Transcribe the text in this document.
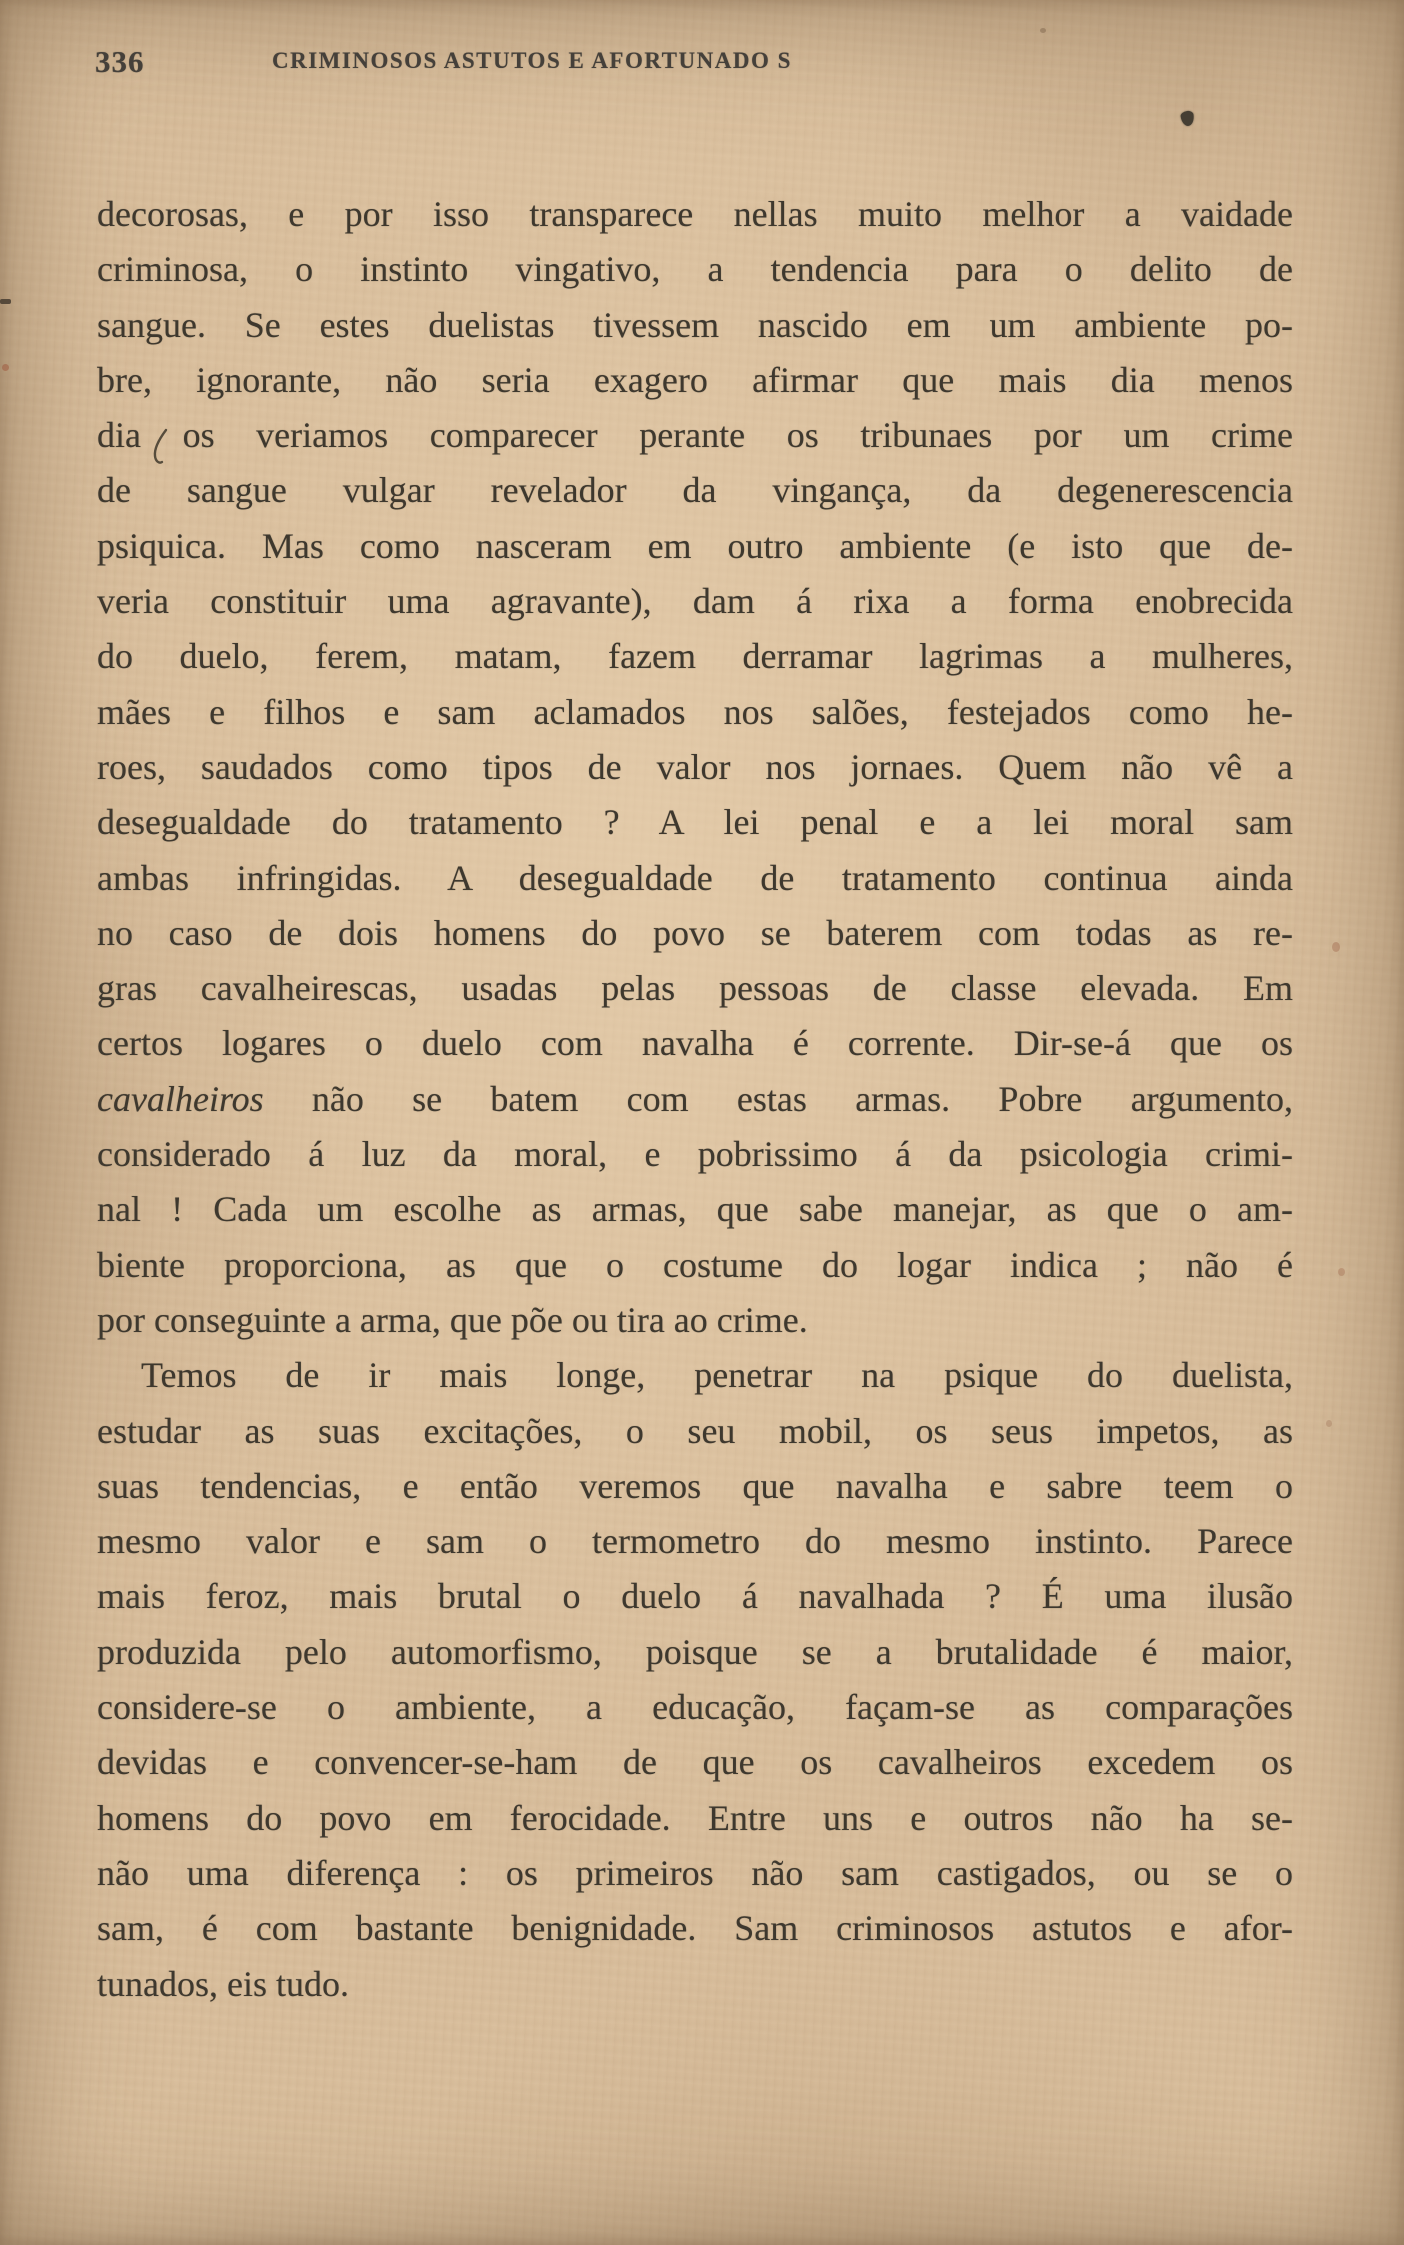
336	CRIMINOSOS ASTUTOS E AFORTUNADO S
decorosas, e por isso transparece nellas muito melhor a vaidade
criminosa, o instinto vingativo, a tendencia para o delito de
sangue. Se estes duelistas tivessem nascido em um ambiente po-
bre, ignorante, não seria exagero afirmar que mais dia menos
dia os veriamos comparecer perante os tribunaes por um crime
de sangue vulgar revelador da vingança, da degenerescencia
psiquica. Mas como nasceram em outro ambiente (e isto que de-
veria constituir uma agravante), dam á rixa a forma enobrecida
do duelo, ferem, matam, fazem derramar lagrimas a mulheres,
mães e filhos e sam aclamados nos salões, festejados como he-
roes, saudados como tipos de valor nos jornaes. Quem não vê a
desegualdade do tratamento ? A lei penal e a lei moral sam
ambas infringidas. A desegualdade de tratamento continua ainda
no caso de dois homens do povo se baterem com todas as re-
gras cavalheirescas, usadas pelas pessoas de classe elevada. Em
certos logares o duelo com navalha é corrente. Dir-se-á que os
cavalheiros não se batem com estas armas. Pobre argumento,
considerado á luz da moral, e pobrissimo á da psicologia crimi-
nal ! Cada um escolhe as armas, que sabe manejar, as que o am-
biente proporciona, as que o costume do logar indica ; não é
por conseguinte a arma, que põe ou tira ao crime.
Temos de ir mais longe, penetrar na psique do duelista,
estudar as suas excitações, o seu mobil, os seus impetos, as
suas tendencias, e então veremos que navalha e sabre teem o
mesmo valor e sam o termometro do mesmo instinto. Parece
mais feroz, mais brutal o duelo á navalhada ? É uma ilusão
produzida pelo automorfismo, poisque se a brutalidade é maior,
considere-se o ambiente, a educação, façam-se as comparações
devidas e convencer-se-ham de que os cavalheiros excedem os
homens do povo em ferocidade. Entre uns e outros não ha se-
não uma diferença : os primeiros não sam castigados, ou se o
sam, é com bastante benignidade. Sam criminosos astutos e afor-
tunados, eis tudo.
